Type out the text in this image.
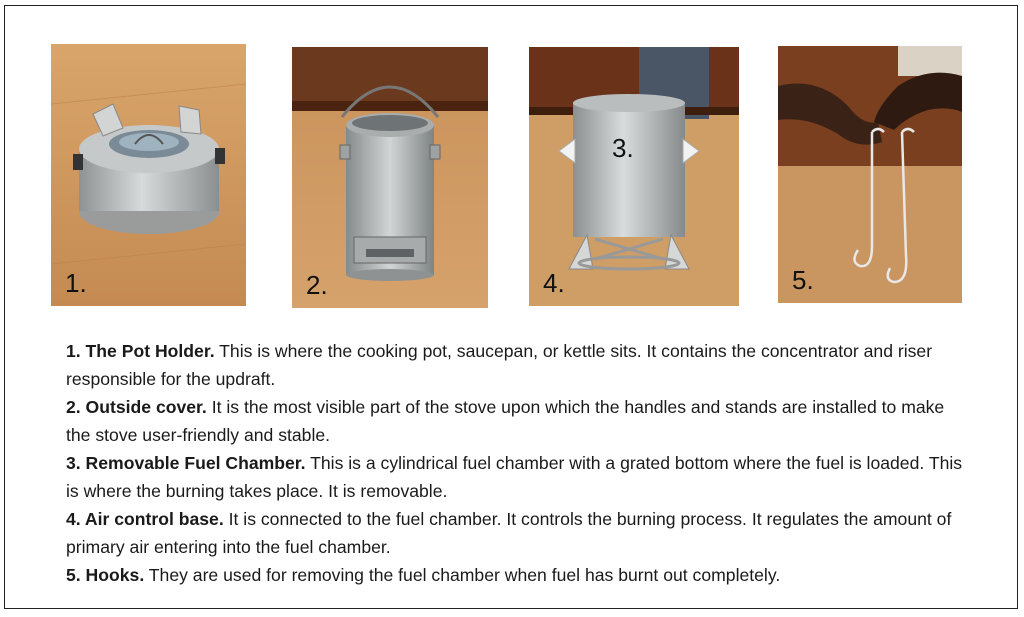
1.	2.
3.
4.	5.

1. The Pot Holder. This is where the cooking pot, saucepan, or kettle sits. It contains the concentrator and riser responsible for the updraft.

2. Outside cover. It is the most visible part of the stove upon which the handles and stands are installed to make the stove user-friendly and stable.

3. Removable Fuel Chamber. This is a cylindrical fuel chamber with a grated bottom where the fuel is loaded. This is where the burning takes place. It is removable.

4. Air control base. It is connected to the fuel chamber. It controls the burning process. It regulates the amount of primary air entering into the fuel chamber.

5. Hooks. They are used for removing the fuel chamber when fuel has burnt out completely.
